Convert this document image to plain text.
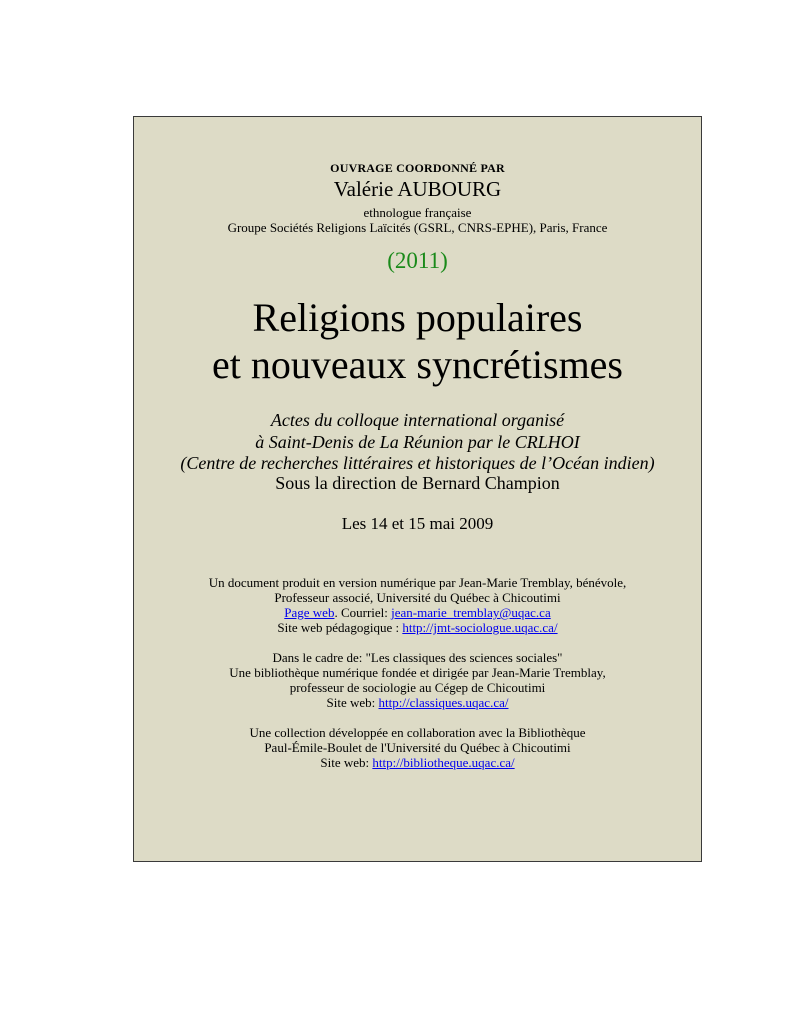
OUVRAGE COORDONNÉ PAR
Valérie AUBOURG
ethnologue française
Groupe Sociétés Religions Laïcités (GSRL, CNRS-EPHE), Paris, France
(2011)
Religions populaires
et nouveaux syncrétismes
Actes du colloque international organisé
à Saint-Denis de La Réunion par le CRLHOI
(Centre de recherches littéraires et historiques de l’Océan indien)
Sous la direction de Bernard Champion
Les 14 et 15 mai 2009
Un document produit en version numérique par Jean-Marie Tremblay, bénévole,
Professeur associé, Université du Québec à Chicoutimi
Page web. Courriel: jean-marie_tremblay@uqac.ca
Site web pédagogique : http://jmt-sociologue.uqac.ca/
Dans le cadre de: "Les classiques des sciences sociales"
Une bibliothèque numérique fondée et dirigée par Jean-Marie Tremblay,
professeur de sociologie au Cégep de Chicoutimi
Site web: http://classiques.uqac.ca/
Une collection développée en collaboration avec la Bibliothèque
Paul-Émile-Boulet de l'Université du Québec à Chicoutimi
Site web: http://bibliotheque.uqac.ca/
